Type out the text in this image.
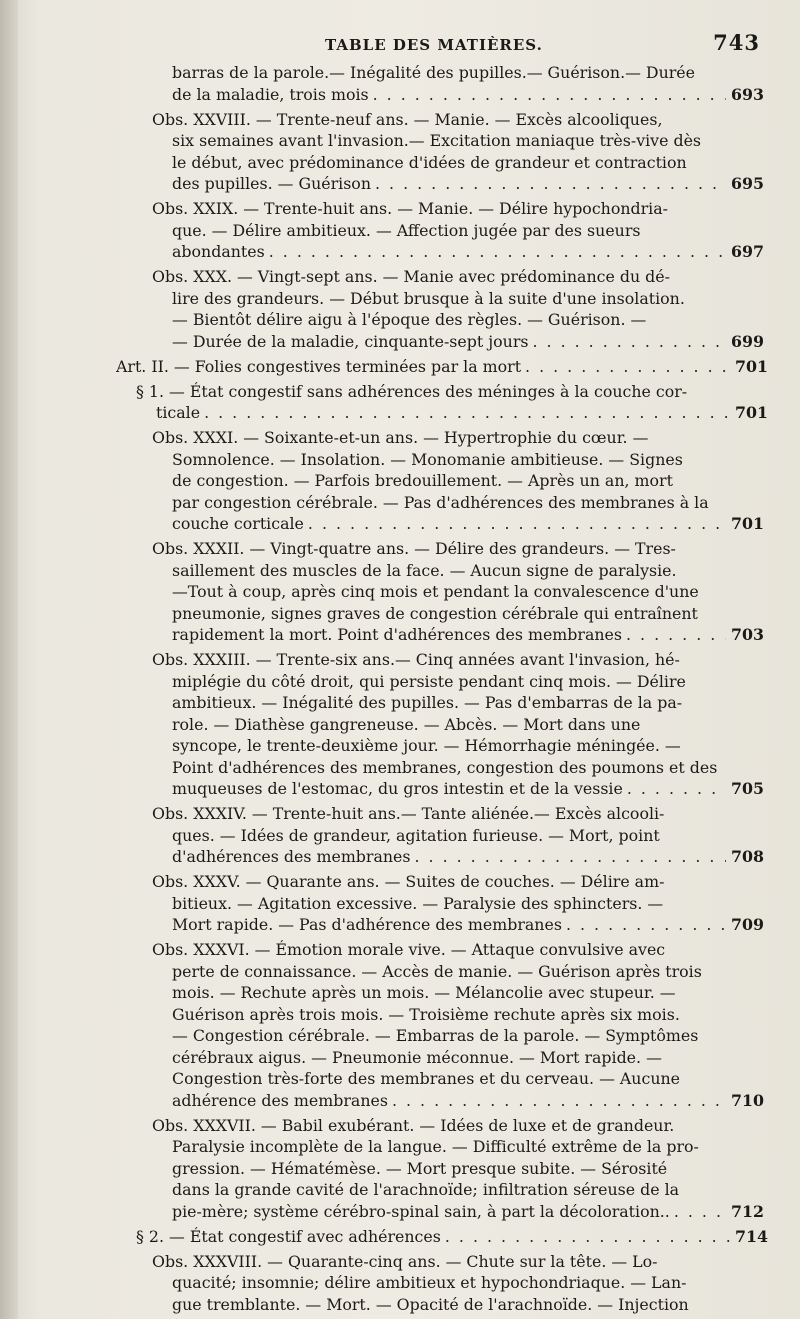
TABLE DES MATIÈRES.	743
barras de la parole.— Inégalité des pupilles.— Guérison.— Durée
de la maladie, trois mois . . .	693
Obs. XXVIII. — Trente-neuf ans. — Manie. — Excès alcooliques,
six semaines avant l'invasion.— Excitation maniaque très-vive dès
le début, avec prédominance d'idées de grandeur et contraction
des pupilles. — Guérison . . .	695
Obs. XXIX. — Trente-huit ans. — Manie. — Délire hypochondria-
que. — Délire ambitieux. — Affection jugée par des sueurs
abondantes . . .	697
Obs. XXX. — Vingt-sept ans. — Manie avec prédominance du dé-
lire des grandeurs. — Début brusque à la suite d'une insolation.
— Bientôt délire aigu à l'époque des règles. — Guérison. —
— Durée de la maladie, cinquante-sept jours . . .	699
Art. II. — Folies congestives terminées par la mort . . .	701
§ 1. — État congestif sans adhérences des méninges à la couche cor-
ticale . . .	701
Obs. XXXI. — Soixante-et-un ans. — Hypertrophie du cœur. —
Somnolence. — Insolation. — Monomanie ambitieuse. — Signes
de congestion. — Parfois bredouillement. — Après un an, mort
par congestion cérébrale. — Pas d'adhérences des membranes à la
couche corticale . . .	701
Obs. XXXII. — Vingt-quatre ans. — Délire des grandeurs. — Tres-
saillement des muscles de la face. — Aucun signe de paralysie.
—Tout à coup, après cinq mois et pendant la convalescence d'une
pneumonie, signes graves de congestion cérébrale qui entraînent
rapidement la mort. Point d'adhérences des membranes . . .	703
Obs. XXXIII. — Trente-six ans.— Cinq années avant l'invasion, hé-
miplégie du côté droit, qui persiste pendant cinq mois. — Délire
ambitieux. — Inégalité des pupilles. — Pas d'embarras de la pa-
role. — Diathèse gangreneuse. — Abcès. — Mort dans une
syncope, le trente-deuxième jour. — Hémorrhagie méningée. —
Point d'adhérences des membranes, congestion des poumons et des
muqueuses de l'estomac, du gros intestin et de la vessie . . .	705
Obs. XXXIV. — Trente-huit ans.— Tante aliénée.— Excès alcooli-
ques. — Idées de grandeur, agitation furieuse. — Mort, point
d'adhérences des membranes . . .	708
Obs. XXXV. — Quarante ans. — Suites de couches. — Délire am-
bitieux. — Agitation excessive. — Paralysie des sphincters. —
Mort rapide. — Pas d'adhérence des membranes . . .	709
Obs. XXXVI. — Émotion morale vive. — Attaque convulsive avec
perte de connaissance. — Accès de manie. — Guérison après trois
mois. — Rechute après un mois. — Mélancolie avec stupeur. —
Guérison après trois mois. — Troisième rechute après six mois.
— Congestion cérébrale. — Embarras de la parole. — Symptômes
cérébraux aigus. — Pneumonie méconnue. — Mort rapide. —
Congestion très-forte des membranes et du cerveau. — Aucune
adhérence des membranes . . .	710
Obs. XXXVII. — Babil exubérant. — Idées de luxe et de grandeur.
Paralysie incomplète de la langue. — Difficulté extrême de la pro-
gression. — Hématémèse. — Mort presque subite. — Sérosité
dans la grande cavité de l'arachnoïde; infiltration séreuse de la
pie-mère; système cérébro-spinal sain, à part la décoloration.. . . .	712
§ 2. — État congestif avec adhérences . . .	714
Obs. XXXVIII. — Quarante-cinq ans. — Chute sur la tête. — Lo-
quacité; insomnie; délire ambitieux et hypochondriaque. — Lan-
gue tremblante. — Mort. — Opacité de l'arachnoïde. — Injection
